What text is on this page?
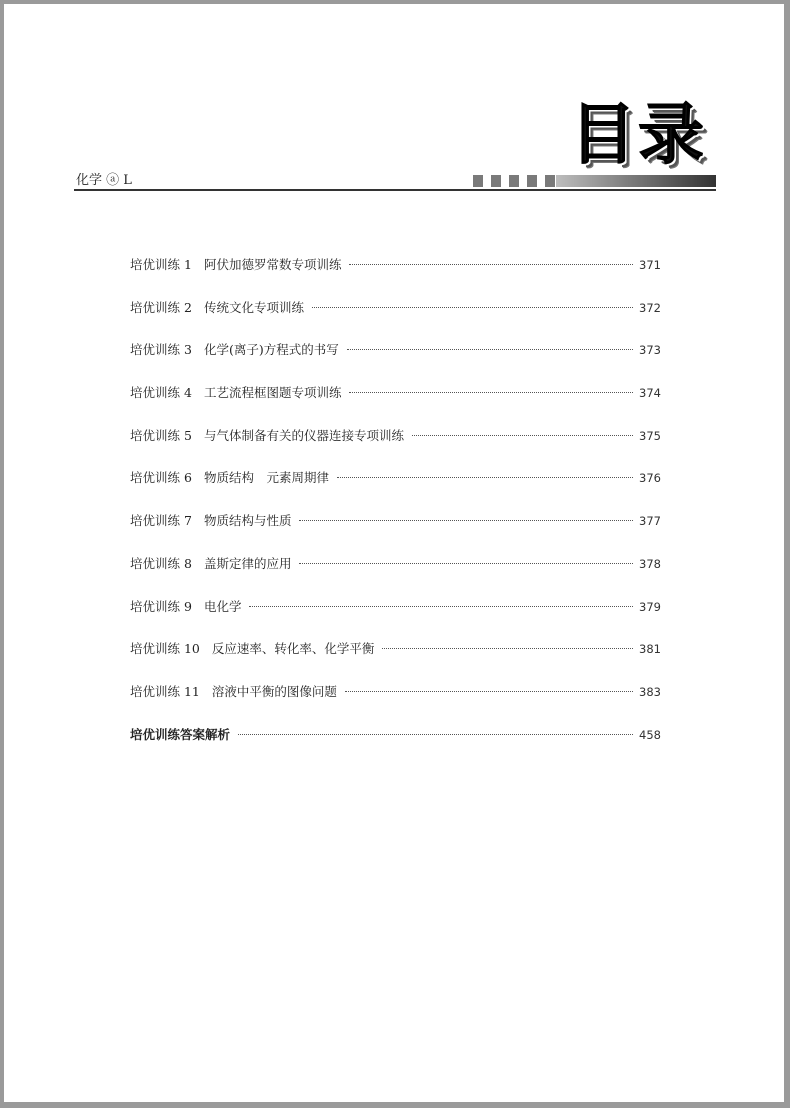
目录
化学 ⓐ L
培优训练 1 阿伏加德罗常数专项训练	371
培优训练 2 传统文化专项训练	372
培优训练 3 化学(离子)方程式的书写	373
培优训练 4 工艺流程框图题专项训练	374
培优训练 5 与气体制备有关的仪器连接专项训练	375
培优训练 6 物质结构　元素周期律	376
培优训练 7 物质结构与性质	377
培优训练 8 盖斯定律的应用	378
培优训练 9 电化学	379
培优训练 10 反应速率、转化率、化学平衡	381
培优训练 11 溶液中平衡的图像问题	383
培优训练答案解析	458
